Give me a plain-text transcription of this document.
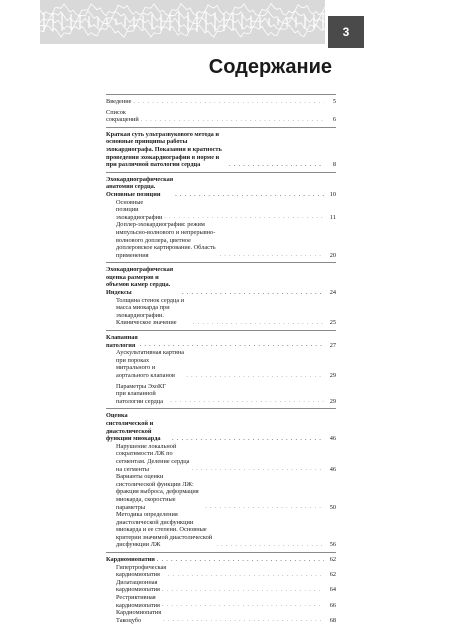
3
Содержание
Введение . . .	5
Список сокращений . . .	6
Краткая суть ультразвукового метода и основные принципы работы эхокардиографа. Показания и кратность проведения эхокардиографии в норме и при различной патологии сердца . . .	8
Эхокардиографическая анатомия сердца. Основные позиции . . .	10
Основные позиции эхокардиографии . . .	11
Доплер-эхокардиография: режим импульсно-волнового и непрерывно-волнового доплера, цветное доплеровское картирование. Область применения . . .	20
Эхокардиографическая оценка размеров и объемов камер сердца. Индексы . . .	24
Толщина стенок сердца и масса миокарда при эхокардиографии. Клиническое значение . . .	25
Клапанная патология . . .	27
Аускультативная картина при пороках митрального и аортального клапанов . . .	29
Параметры ЭхоКГ при клапанной патологии сердца . . .	29
Оценка систолической и диастолической функции миокарда . . .	46
Нарушение локальной сократимости ЛЖ по сегментам. Деление сердца на сегменты . . .	46
Варианты оценки систолической функции ЛЖ: фракция выброса, деформация миокарда, скоростные параметры . . .	50
Методика определения диастолической дисфункции миокарда и ее степени. Основные критерии значимой диастолической дисфункции ЛЖ . . .	56
Кардиомиопатии . . .	62
Гипертрофическая кардиомиопатия . . .	62
Дилатационная кардиомиопатия . . .	64
Рестриктивная кардиомиопатия . . .	66
Кардиомиопатия Такоцубо . . .	68
